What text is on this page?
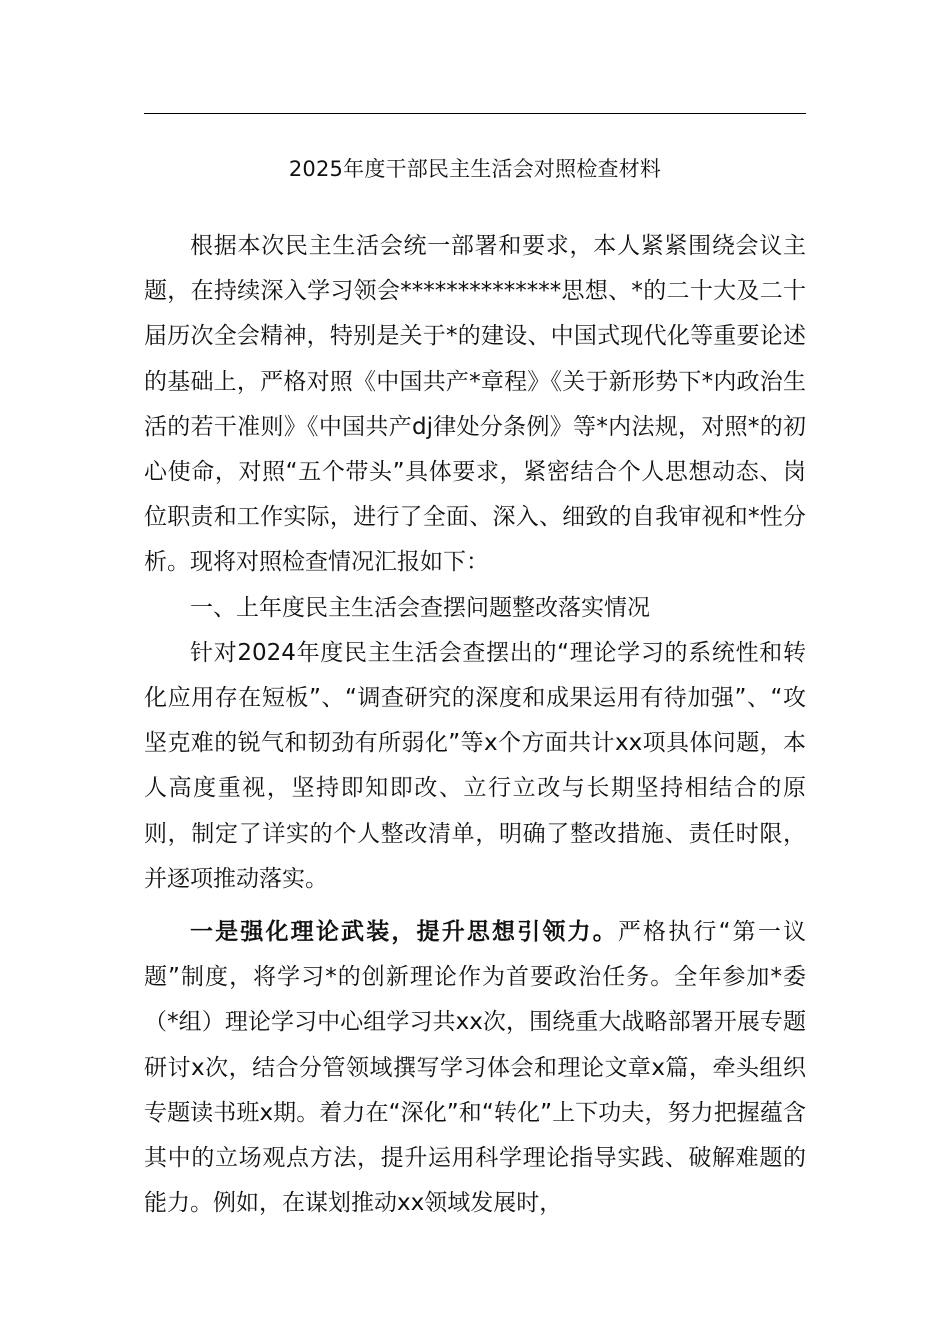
2025年度干部民主生活会对照检查材料

根据本次民主生活会统一部署和要求，本人紧紧围绕会议主题，在持续深入学习领会**************思想、*的二十大及二十届历次全会精神，特别是关于*的建设、中国式现代化等重要论述的基础上，严格对照《中国共产*章程》《关于新形势下*内政治生活的若干准则》《中国共产dj律处分条例》等*内法规，对照*的初心使命，对照“五个带头”具体要求，紧密结合个人思想动态、岗位职责和工作实际，进行了全面、深入、细致的自我审视和*性分析。现将对照检查情况汇报如下：

一、上年度民主生活会查摆问题整改落实情况

针对2024年度民主生活会查摆出的“理论学习的系统性和转化应用存在短板”、“调查研究的深度和成果运用有待加强”、“攻坚克难的锐气和韧劲有所弱化”等x个方面共计xx项具体问题，本人高度重视，坚持即知即改、立行立改与长期坚持相结合的原则，制定了详实的个人整改清单，明确了整改措施、责任时限，并逐项推动落实。

一是强化理论武装，提升思想引领力。严格执行“第一议题”制度，将学习*的创新理论作为首要政治任务。全年参加*委（*组）理论学习中心组学习共xx次，围绕重大战略部署开展专题研讨x次，结合分管领域撰写学习体会和理论文章x篇，牵头组织专题读书班x期。着力在“深化”和“转化”上下功夫，努力把握蕴含其中的立场观点方法，提升运用科学理论指导实践、破解难题的能力。例如，在谋划推动xx领域发展时，
